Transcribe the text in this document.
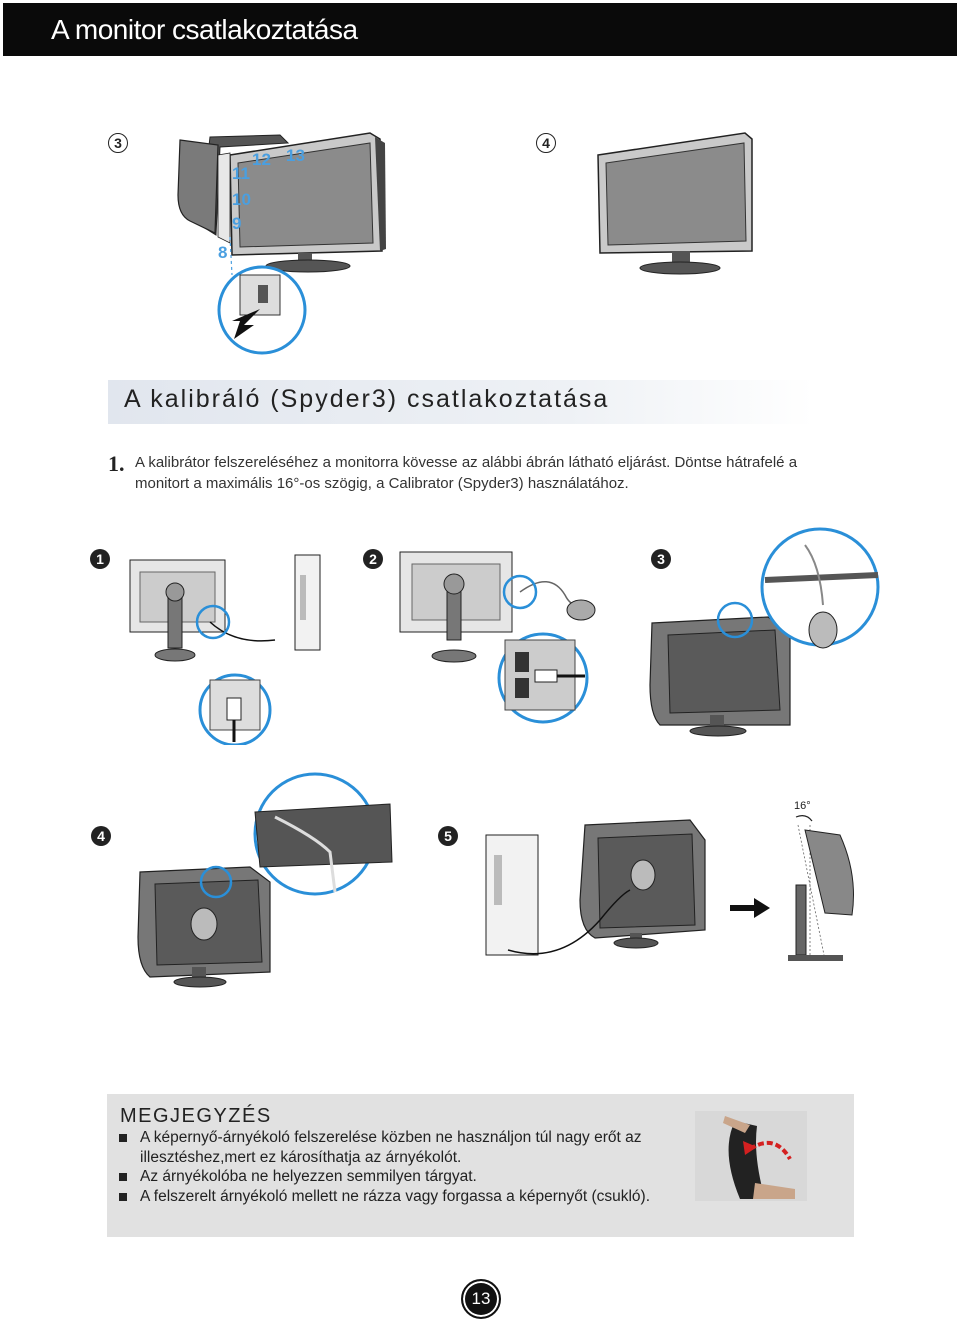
A monitor csatlakoztatása
3	4
8
9
10
11
12 13
A kalibráló (Spyder3) csatlakoztatása
1. A kalibrátor felszereléséhez a monitorra kövesse az alábbi ábrán látható eljárást. Döntse hátrafelé a monitort a maximális 16°-os szögig, a Calibrator (Spyder3) használatához.
1	2	3
4	5
16°
MEGJEGYZÉS
A képernyő-árnyékoló felszerelése közben ne használjon túl nagy erőt az illesztéshez,mert ez károsíthatja az árnyékolót.
Az árnyékolóba ne helyezzen semmilyen tárgyat.
A felszerelt árnyékoló mellett ne rázza vagy forgassa a képernyőt (csukló).
13
